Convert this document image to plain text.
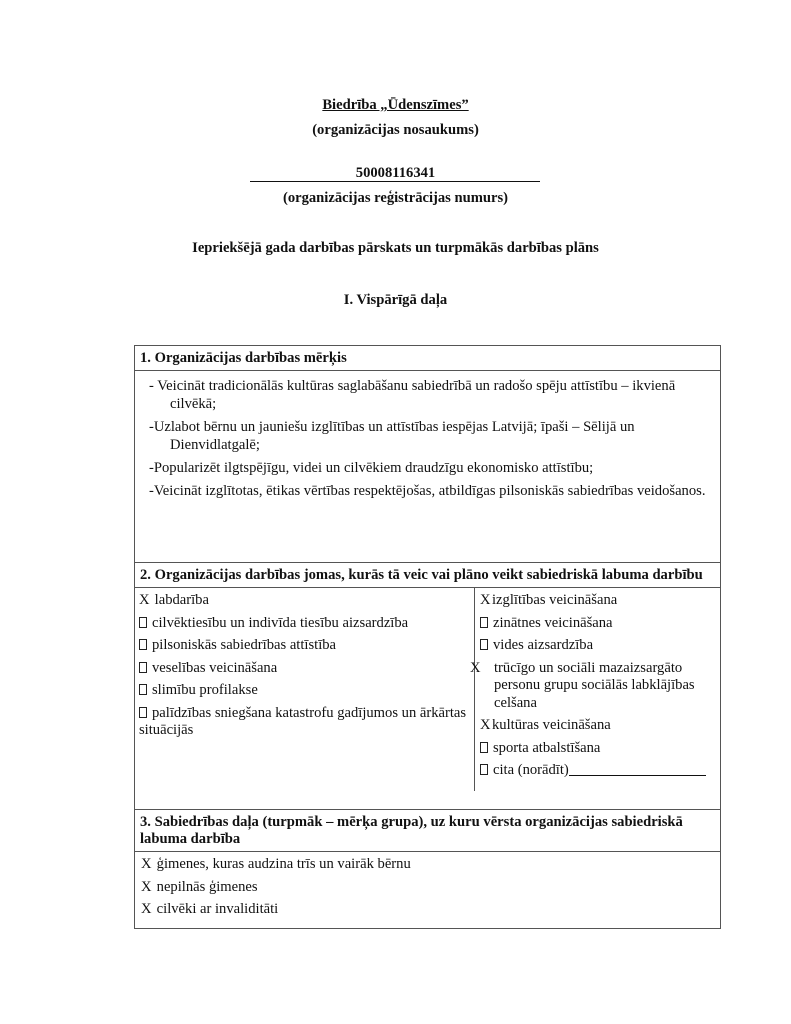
Biedrība „Ūdenszīmes”
(organizācijas nosaukums)
50008116341
(organizācijas reģistrācijas numurs)
Iepriekšējā gada darbības pārskats un turpmākās darbības plāns
I. Vispārīgā daļa
1. Organizācijas darbības mērķis
- Veicināt tradicionālās kultūras saglabāšanu sabiedrībā un radošo spēju attīstību – ikvienā cilvēkā;
-Uzlabot bērnu un jauniešu izglītības un attīstības iespējas Latvijā; īpaši – Sēlijā un Dienvidlatgalē;
-Popularizēt ilgtspējīgu, videi un cilvēkiem draudzīgu ekonomisko attīstību;
-Veicināt izglītotas, ētikas vērtības respektējošas, atbildīgas pilsoniskās sabiedrības veidošanos.
2. Organizācijas darbības jomas, kurās tā veic vai plāno veikt sabiedriskā labuma darbību
X labdarība
cilvēktiesību un indivīda tiesību aizsardzība
pilsoniskās sabiedrības attīstība
veselības veicināšana
slimību profilakse
palīdzības sniegšana katastrofu gadījumos un ārkārtas situācijās
Xizglītības veicināšana
zinātnes veicināšana
vides aizsardzība
X trūcīgo un sociāli mazaizsargāto personu grupu sociālās labklājības celšana
Xkultūras veicināšana
sporta atbalstīšana
cita (norādīt)
3. Sabiedrības daļa (turpmāk – mērķa grupa), uz kuru vērsta organizācijas sabiedriskā labuma darbība
X ģimenes, kuras audzina trīs un vairāk bērnu
X nepilnās ģimenes
X cilvēki ar invaliditāti
